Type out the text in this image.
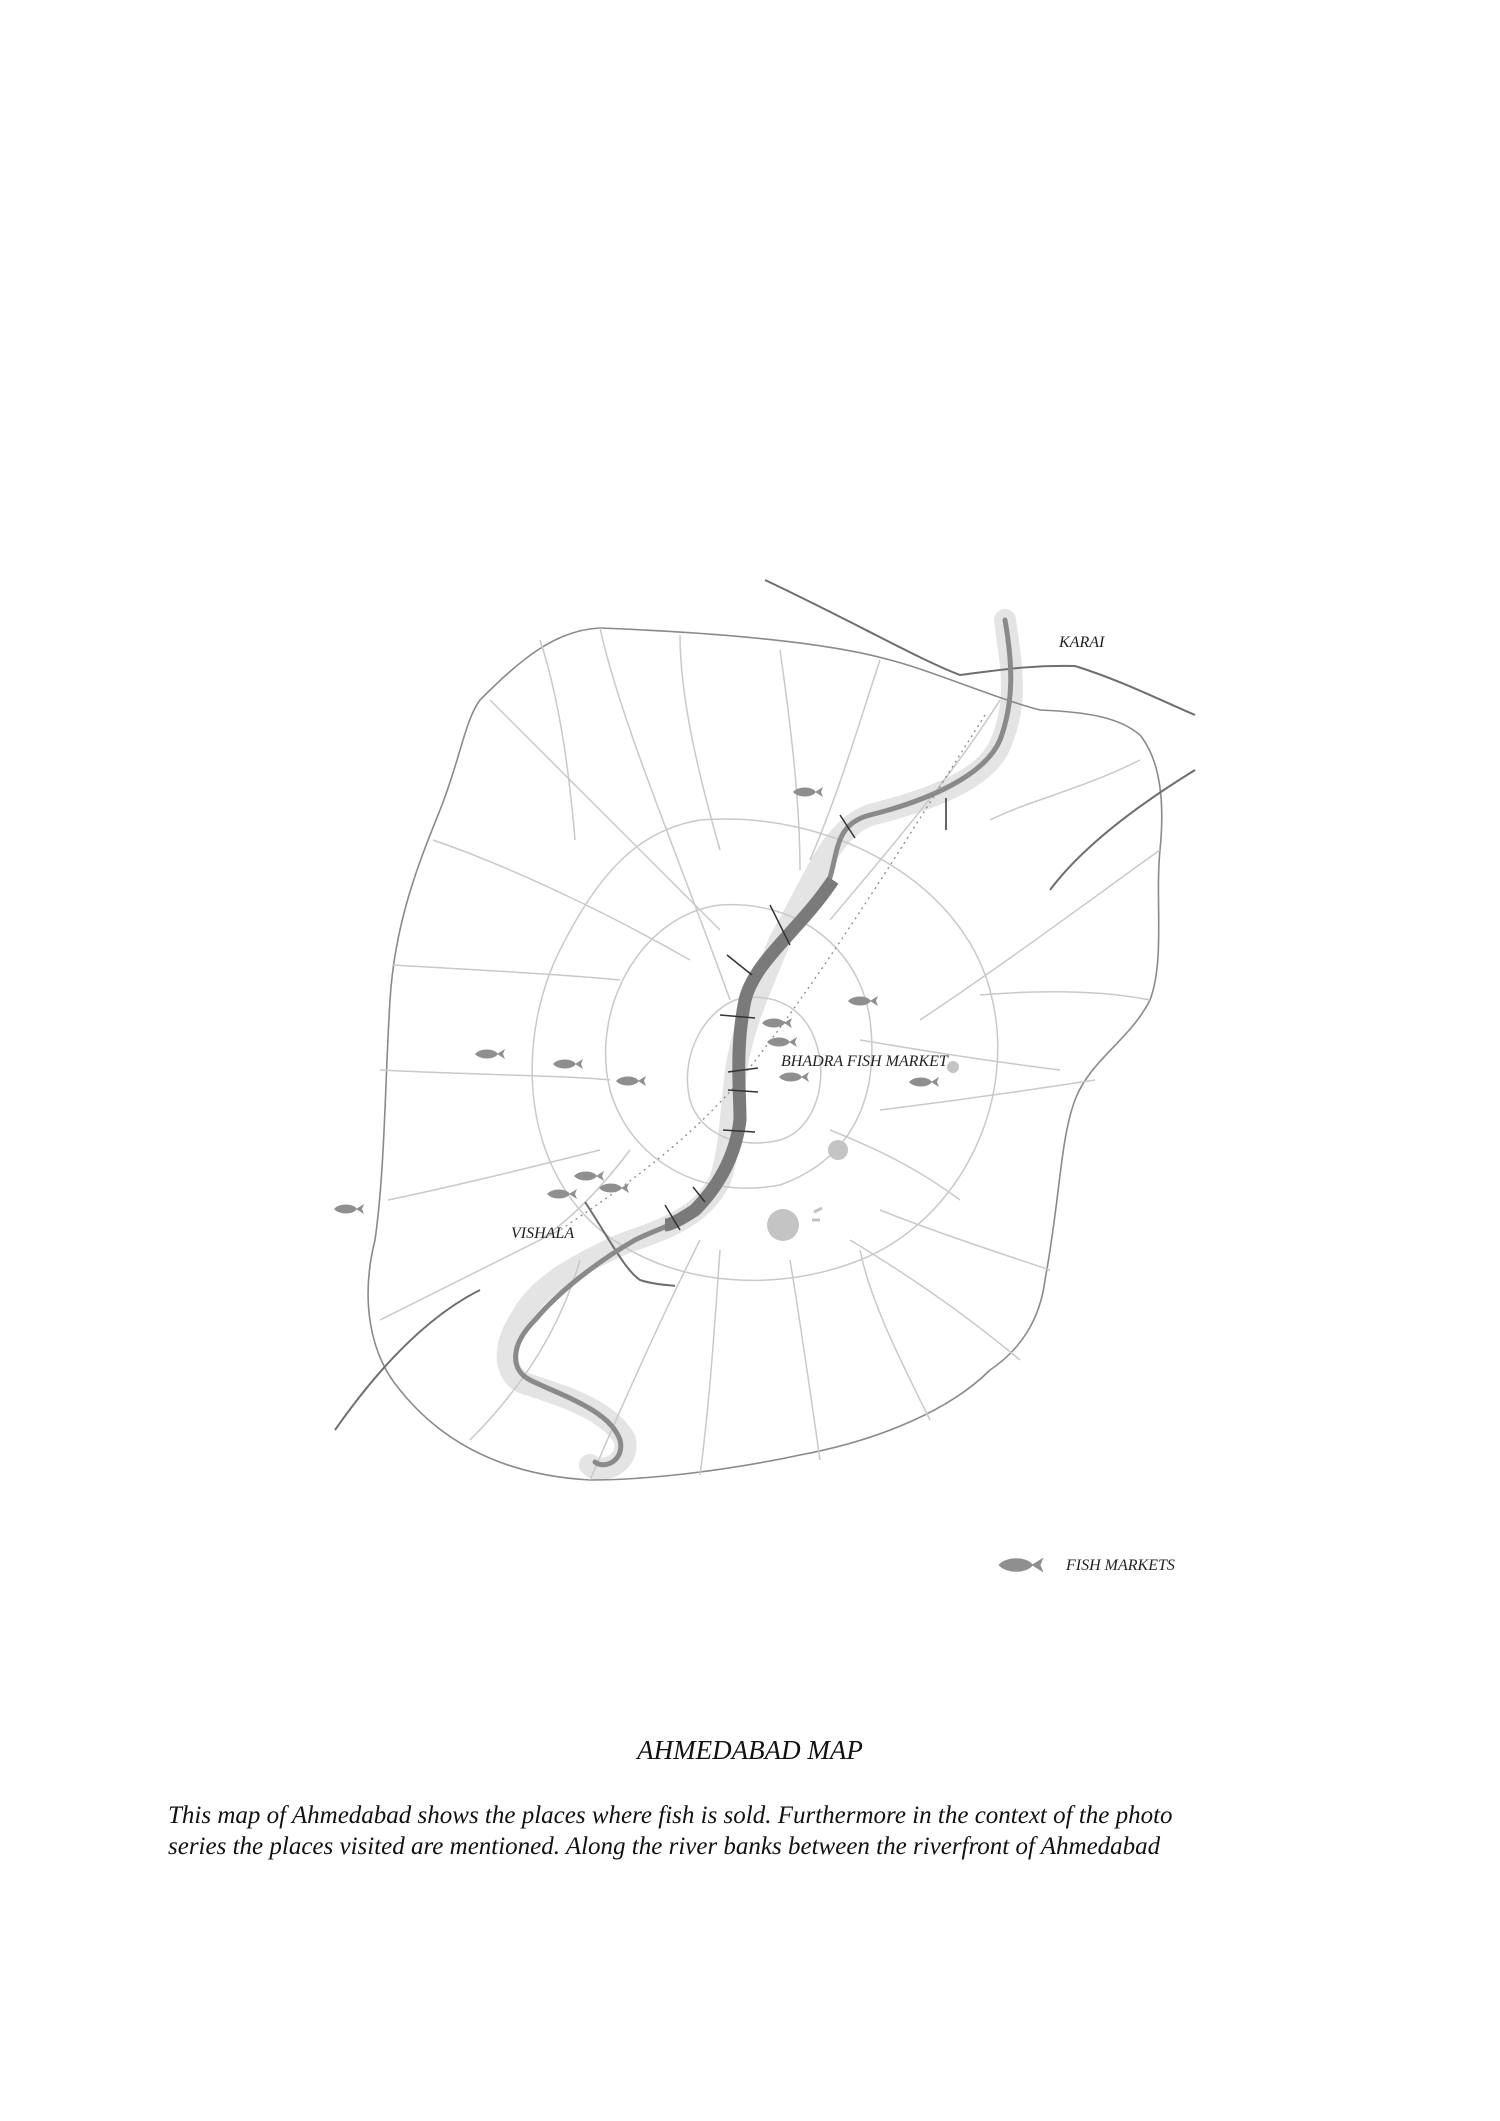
KARAI
BHADRA FISH MARKET
VISHALA
FISH MARKETS
AHMEDABAD MAP

This map of Ahmedabad shows the places where fish is sold. Furthermore in the context of the photo
series the places visited are mentioned. Along the river banks between the riverfront of Ahmedabad
